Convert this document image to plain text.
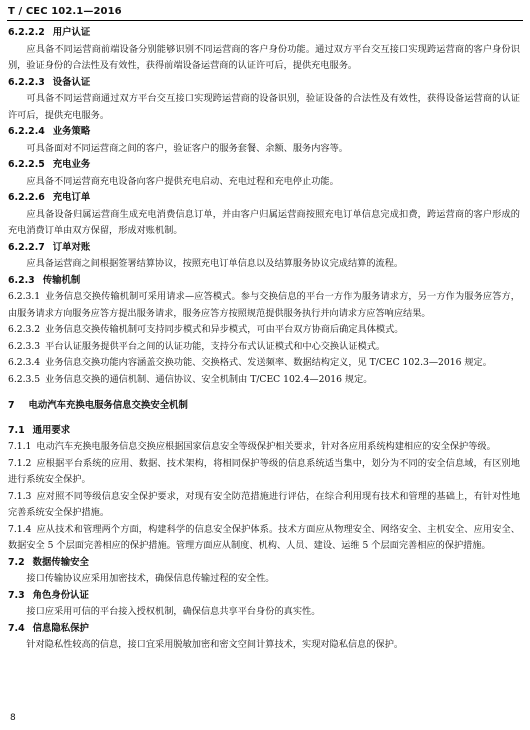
T / CEC 102.1—2016
6.2.2.2 用户认证
应具备不同运营商前端设备分别能够识别不同运营商的客户身份功能。通过双方平台交互接口实现跨运营商的客户身份识别，验证身份的合法性及有效性，获得前端设备运营商的认证许可后，提供充电服务。
6.2.2.3 设备认证
可具备不同运营商通过双方平台交互接口实现跨运营商的设备识别，验证设备的合法性及有效性，获得设备运营商的认证许可后，提供充电服务。
6.2.2.4 业务策略
可具备面对不同运营商之间的客户，验证客户的服务套餐、余额、服务内容等。
6.2.2.5 充电业务
应具备不同运营商充电设备向客户提供充电启动、充电过程和充电停止功能。
6.2.2.6 充电订单
应具备设备归属运营商生成充电消费信息订单，并由客户归属运营商按照充电订单信息完成扣费，跨运营商的客户形成的充电消费订单由双方保留，形成对账机制。
6.2.2.7 订单对账
应具备运营商之间根据签署结算协议，按照充电订单信息以及结算服务协议完成结算的流程。
6.2.3 传输机制
6.2.3.1 业务信息交换传输机制可采用请求—应答模式。参与交换信息的平台一方作为服务请求方，另一方作为服务应答方，由服务请求方向服务应答方提出服务请求，服务应答方按照规范提供服务执行并向请求方应答响应结果。
6.2.3.2 业务信息交换传输机制可支持同步模式和异步模式，可由平台双方协商后确定具体模式。
6.2.3.3 平台认证服务提供平台之间的认证功能，支持分布式认证模式和中心交换认证模式。
6.2.3.4 业务信息交换功能内容涵盖交换功能、交换格式、发送频率、数据结构定义，见 T/CEC 102.3—2016 规定。
6.2.3.5 业务信息交换的通信机制、通信协议、安全机制由 T/CEC 102.4—2016 规定。
7 电动汽车充换电服务信息交换安全机制
7.1 通用要求
7.1.1 电动汽车充换电服务信息交换应根据国家信息安全等级保护相关要求，针对各应用系统构建相应的安全保护等级。
7.1.2 应根据平台系统的应用、数据、技术架构，将相同保护等级的信息系统适当集中，划分为不同的安全信息域，有区别地进行系统安全保护。
7.1.3 应对照不同等级信息安全保护要求，对现有安全防范措施进行评估，在综合利用现有技术和管理的基础上，有针对性地完善系统安全保护措施。
7.1.4 应从技术和管理两个方面，构建科学的信息安全保护体系。技术方面应从物理安全、网络安全、主机安全、应用安全、数据安全 5 个层面完善相应的保护措施。管理方面应从制度、机构、人员、建设、运维 5 个层面完善相应的保护措施。
7.2 数据传输安全
接口传输协议应采用加密技术，确保信息传输过程的安全性。
7.3 角色身份认证
接口应采用可信的平台接入授权机制，确保信息共享平台身份的真实性。
7.4 信息隐私保护
针对隐私性较高的信息，接口宜采用脱敏加密和密文空间计算技术，实现对隐私信息的保护。
8
